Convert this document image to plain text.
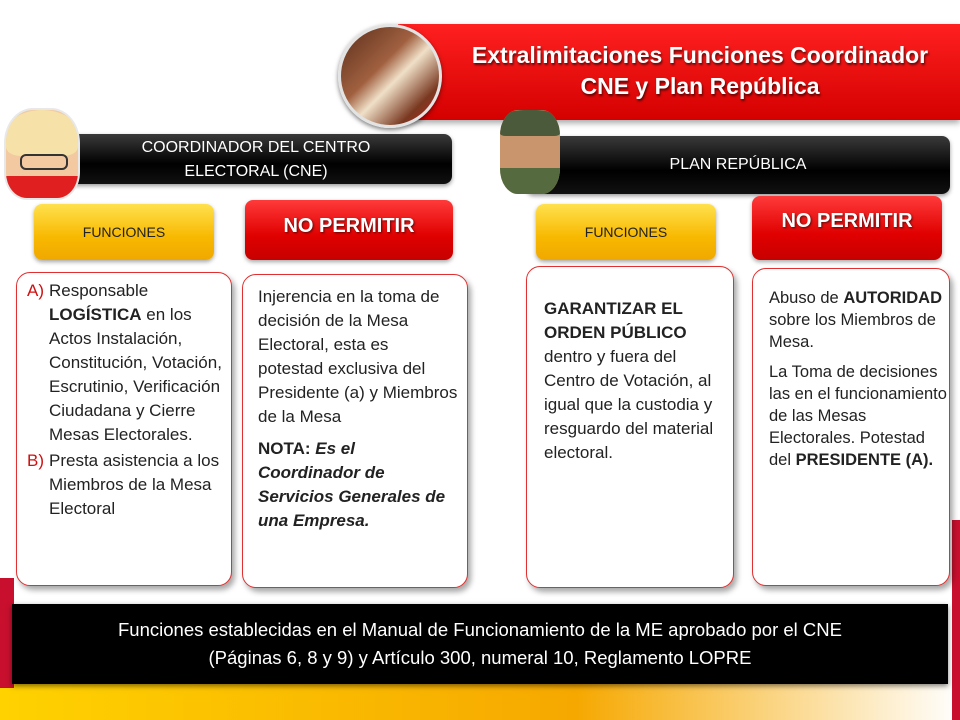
Extralimitaciones Funciones Coordinador
CNE y Plan República
COORDINADOR DEL CENTRO
ELECTORAL (CNE)	PLAN REPÚBLICA
FUNCIONES	NO PERMITIR	FUNCIONES	NO PERMITIR
A) Responsable LOGÍSTICA en los Actos Instalación, Constitución, Votación, Escrutinio, Verificación Ciudadana y Cierre Mesas Electorales.
B) Presta asistencia a los Miembros de la Mesa Electoral

Injerencia en la toma de decisión de la Mesa Electoral, esta es potestad exclusiva del Presidente (a) y Miembros de la Mesa

NOTA: Es el Coordinador de Servicios Generales de una Empresa.

GARANTIZAR EL ORDEN PÚBLICO dentro y fuera del Centro de Votación, al igual que la custodia y resguardo del material electoral.

Abuso de AUTORIDAD sobre los Miembros de Mesa.

La Toma de decisiones las en el funcionamiento de las Mesas Electorales. Potestad del PRESIDENTE (A).

Funciones establecidas en el Manual de Funcionamiento de la ME aprobado por el CNE
(Páginas 6, 8 y 9) y Artículo 300, numeral 10, Reglamento LOPRE
